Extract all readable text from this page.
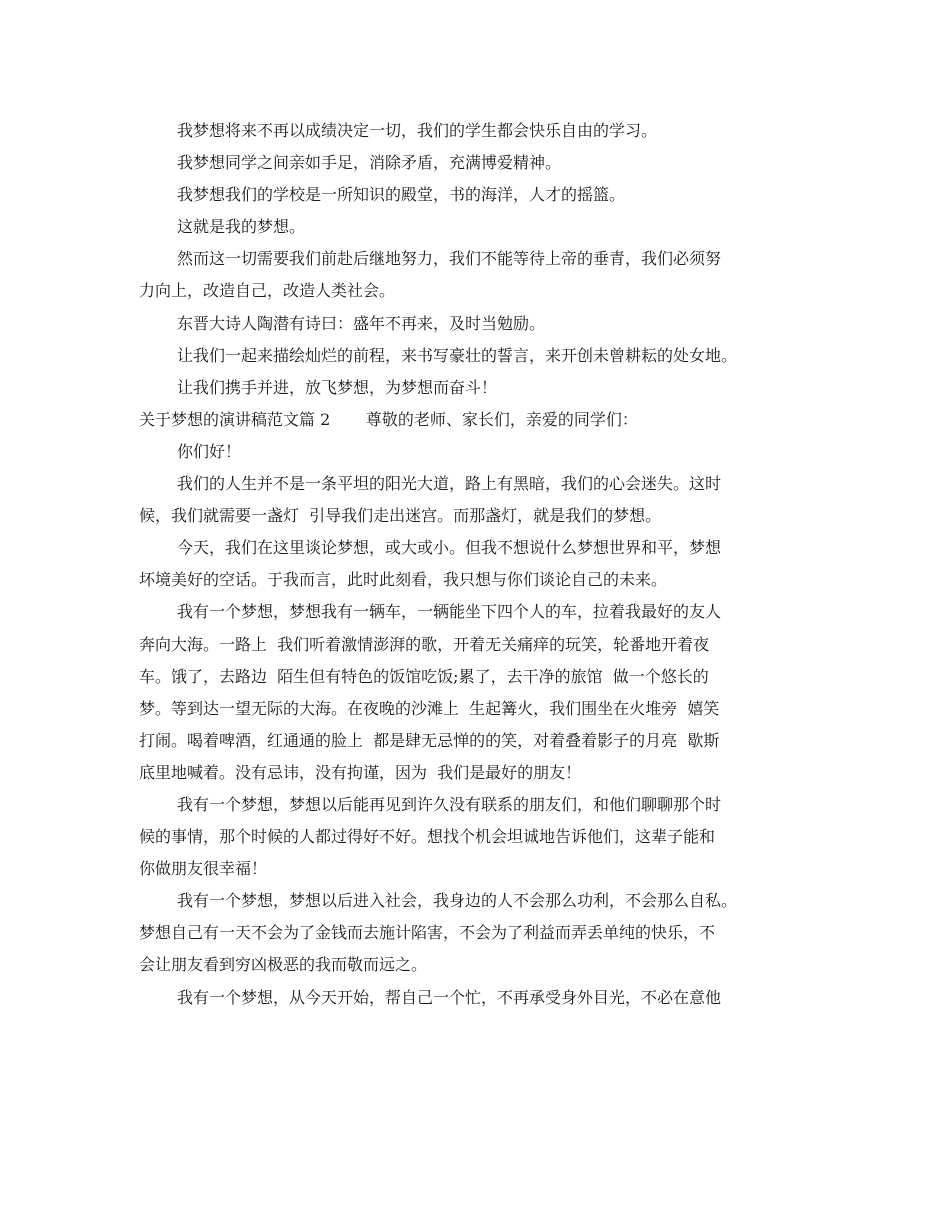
我梦想将来不再以成绩决定一切，我们的学生都会快乐自由的学习。
我梦想同学之间亲如手足，消除矛盾，充满博爱精神。
我梦想我们的学校是一所知识的殿堂，书的海洋，人才的摇篮。
这就是我的梦想。
然而这一切需要我们前赴后继地努力，我们不能等待上帝的垂青，我们必须努
力向上，改造自己，改造人类社会。
东晋大诗人陶潜有诗曰：盛年不再来，及时当勉励。
让我们一起来描绘灿烂的前程，来书写豪壮的誓言，来开创未曾耕耘的处女地。
让我们携手并进，放飞梦想，为梦想而奋斗！
关于梦想的演讲稿范文篇 2       尊敬的老师、家长们，亲爱的同学们：
你们好！
我们的人生并不是一条平坦的阳光大道，路上有黑暗，我们的心会迷失。这时
候，我们就需要一盏灯  引导我们走出迷宫。而那盏灯，就是我们的梦想。
今天，我们在这里谈论梦想，或大或小。但我不想说什么梦想世界和平，梦想
坏境美好的空话。于我而言，此时此刻看，我只想与你们谈论自己的未来。
我有一个梦想，梦想我有一辆车，一辆能坐下四个人的车，拉着我最好的友人
奔向大海。一路上  我们听着激情澎湃的歌，开着无关痛痒的玩笑，轮番地开着夜
车。饿了，去路边  陌生但有特色的饭馆吃饭;累了，去干净的旅馆  做一个悠长的
梦。等到达一望无际的大海。在夜晚的沙滩上  生起篝火，我们围坐在火堆旁  嬉笑
打闹。喝着啤酒，红通通的脸上  都是肆无忌惮的的笑，对着叠着影子的月亮  歇斯
底里地喊着。没有忌讳，没有拘谨，因为  我们是最好的朋友！
我有一个梦想，梦想以后能再见到许久没有联系的朋友们，和他们聊聊那个时
候的事情，那个时候的人都过得好不好。想找个机会坦诚地告诉他们，这辈子能和
你做朋友很幸福！
我有一个梦想，梦想以后进入社会，我身边的人不会那么功利，不会那么自私。
梦想自己有一天不会为了金钱而去施计陷害，不会为了利益而弄丢单纯的快乐，不
会让朋友看到穷凶极恶的我而敬而远之。
我有一个梦想，从今天开始，帮自己一个忙，不再承受身外目光，不必在意他
